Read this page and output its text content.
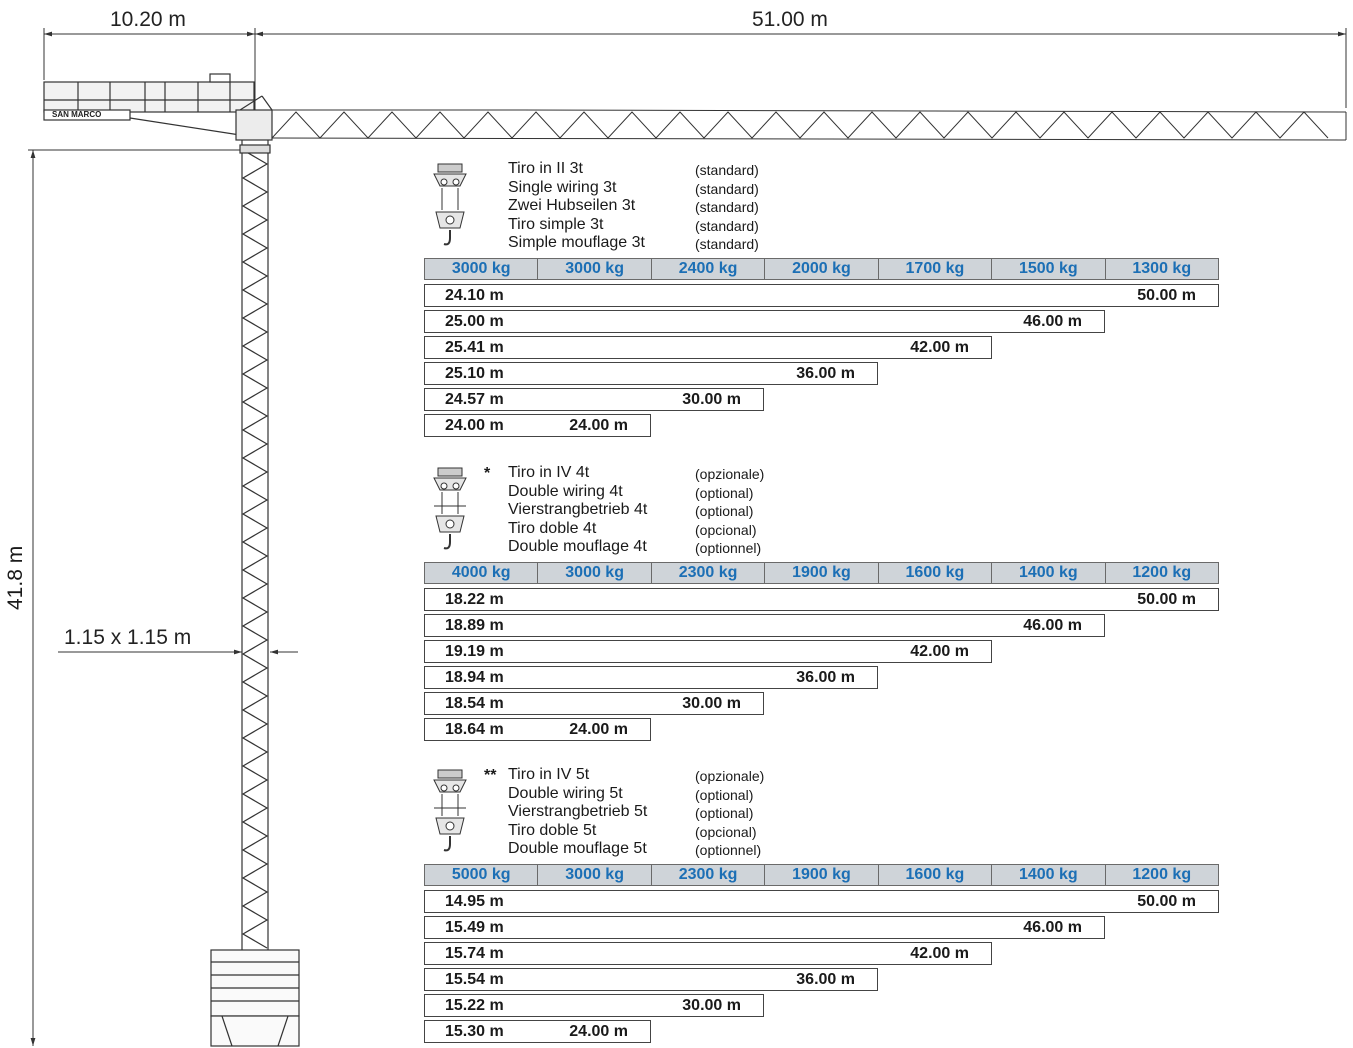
10.20 m	51.00 m
41.8 m
1.15 x 1.15 m
SAN MARCO
Tiro in II 3t
Single wiring 3t
Zwei Hubseilen 3t
Tiro simple 3t
Simple mouflage 3t
(standard)
(standard)
(standard)
(standard)
(standard)
3000 kg	3000 kg	2400 kg	2000 kg	1700 kg	1500 kg	1300 kg
24.10 m	50.00 m
25.00 m	46.00 m
25.41 m	42.00 m
25.10 m	36.00 m
24.57 m	30.00 m
24.00 m	24.00 m
* Tiro in IV 4t
Double wiring 4t
Vierstrangbetrieb 4t
Tiro doble 4t
Double mouflage 4t
(opzionale)
(optional)
(optional)
(opcional)
(optionnel)
4000 kg	3000 kg	2300 kg	1900 kg	1600 kg	1400 kg	1200 kg
18.22 m	50.00 m
18.89 m	46.00 m
19.19 m	42.00 m
18.94 m	36.00 m
18.54 m	30.00 m
18.64 m	24.00 m
** Tiro in IV 5t
Double wiring 5t
Vierstrangbetrieb 5t
Tiro doble 5t
Double mouflage 5t
(opzionale)
(optional)
(optional)
(opcional)
(optionnel)
5000 kg	3000 kg	2300 kg	1900 kg	1600 kg	1400 kg	1200 kg
14.95 m	50.00 m
15.49 m	46.00 m
15.74 m	42.00 m
15.54 m	36.00 m
15.22 m	30.00 m
15.30 m	24.00 m
